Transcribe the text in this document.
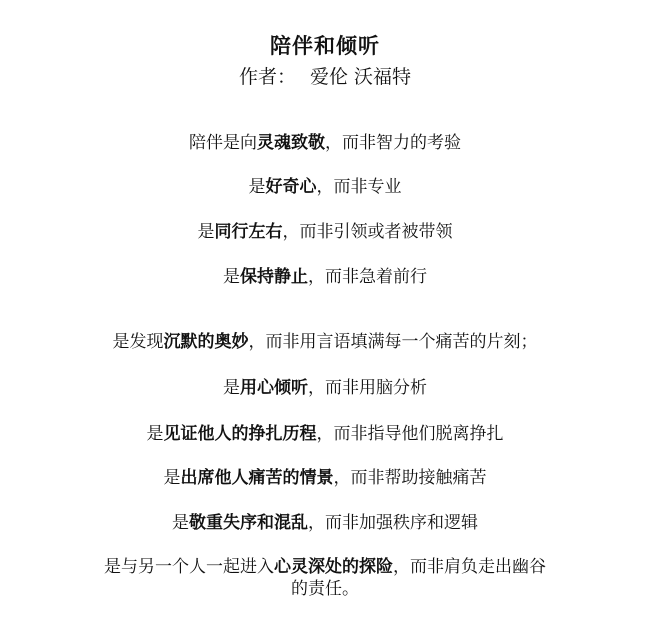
陪伴和倾听
作者： 爱伦 沃福特
陪伴是向灵魂致敬，而非智力的考验
是好奇心，而非专业
是同行左右，而非引领或者被带领
是保持静止，而非急着前行
是发现沉默的奥妙，而非用言语填满每一个痛苦的片刻；
是用心倾听，而非用脑分析
是见证他人的挣扎历程，而非指导他们脱离挣扎
是出席他人痛苦的情景，而非帮助接触痛苦
是敬重失序和混乱，而非加强秩序和逻辑
是与另一个人一起进入心灵深处的探险，而非肩负走出幽谷
的责任。
